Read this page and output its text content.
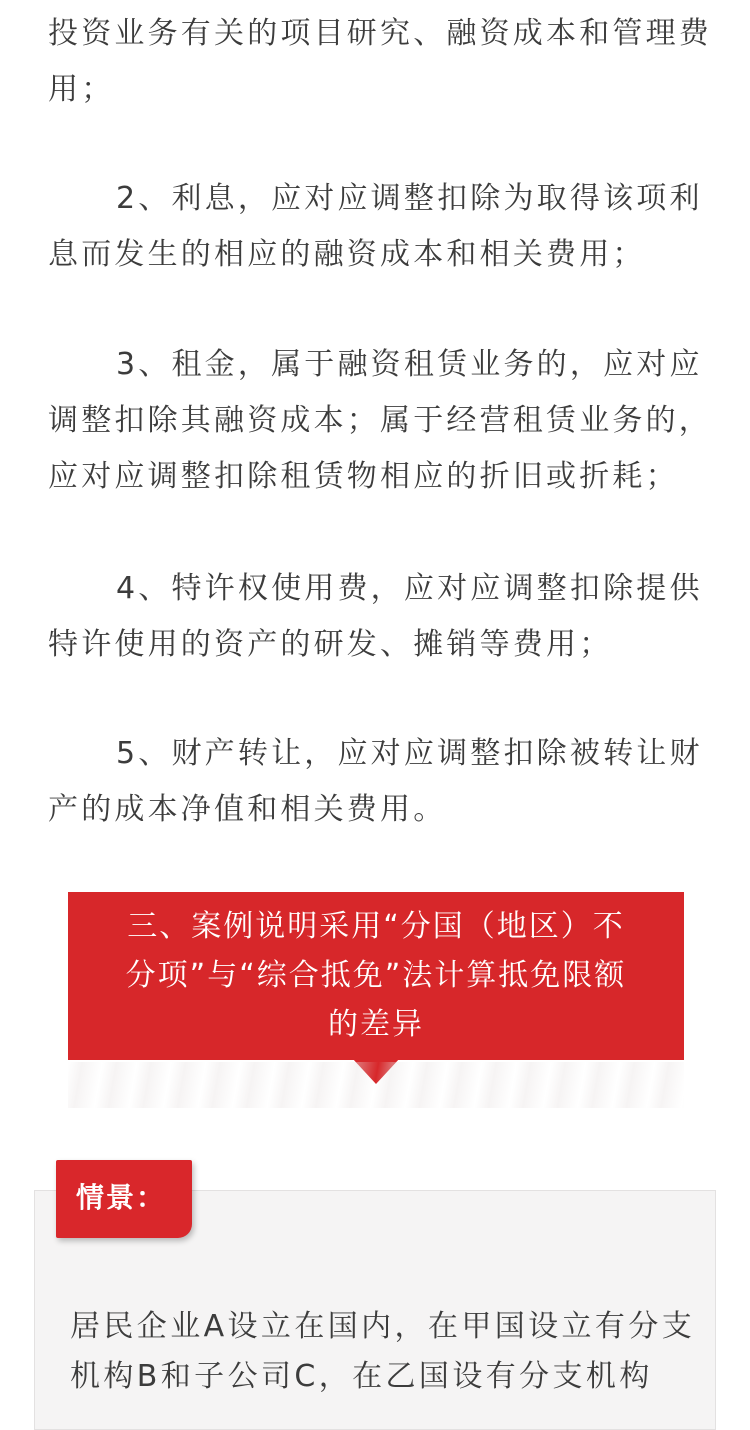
投资业务有关的项目研究、融资成本和管理费
用；
2、利息，应对应调整扣除为取得该项利
息而发生的相应的融资成本和相关费用；
3、租金，属于融资租赁业务的，应对应
调整扣除其融资成本；属于经营租赁业务的，
应对应调整扣除租赁物相应的折旧或折耗；
4、特许权使用费，应对应调整扣除提供
特许使用的资产的研发、摊销等费用；
5、财产转让，应对应调整扣除被转让财
产的成本净值和相关费用。
三、案例说明采用“分国（地区）不
分项”与“综合抵免”法计算抵免限额
的差异
情景：
居民企业A设立在国内，在甲国设立有分支
机构B和子公司C，在乙国设有分支机构
